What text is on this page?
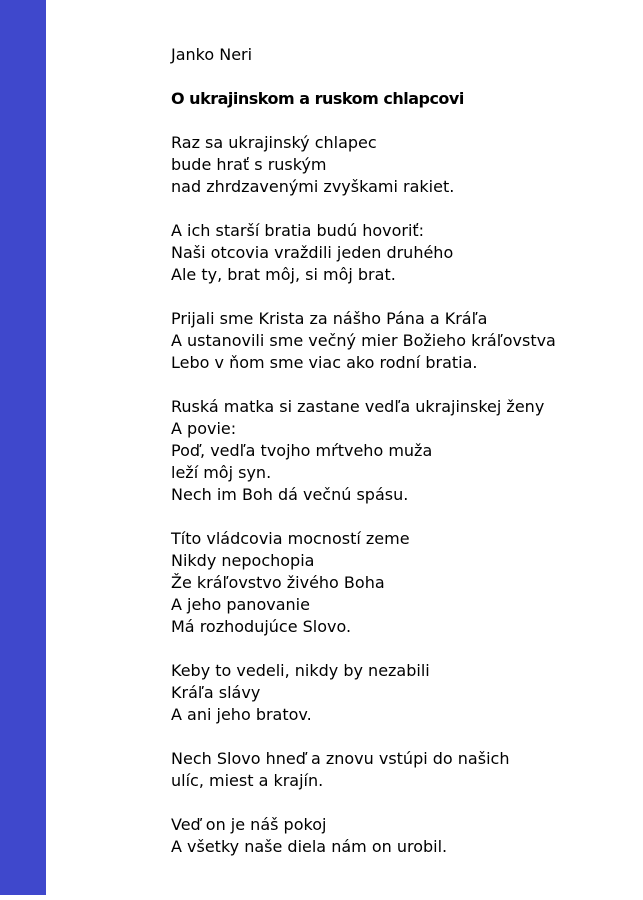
Janko Neri
O ukrajinskom a ruskom chlapcovi
Raz sa ukrajinský chlapec
bude hrať s ruským
nad zhrdzavenými zvyškami rakiet.
A ich starší bratia budú hovoriť:
Naši otcovia vraždili jeden druhého
Ale ty, brat môj, si môj brat.
Prijali sme Krista za nášho Pána a Kráľa
A ustanovili sme večný mier Božieho kráľovstva
Lebo v ňom sme viac ako rodní bratia.
Ruská matka si zastane vedľa ukrajinskej ženy
A povie:
Poď, vedľa tvojho mŕtveho muža
leží môj syn.
Nech im Boh dá večnú spásu.
Títo vládcovia mocností zeme
Nikdy nepochopia
Že kráľovstvo živého Boha
A jeho panovanie
Má rozhodujúce Slovo.
Keby to vedeli, nikdy by nezabili
Kráľa slávy
A ani jeho bratov.
Nech Slovo hneď a znovu vstúpi do našich
ulíc, miest a krajín.
Veď on je náš pokoj
A všetky naše diela nám on urobil.
